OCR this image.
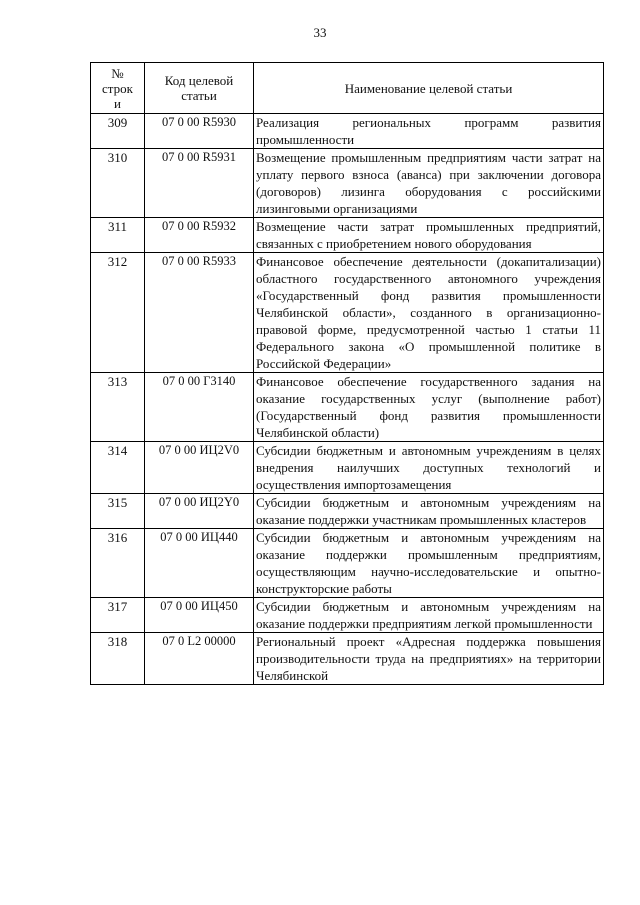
33
№
строк
и	Код целевой статьи	Наименование целевой статьи
309	07 0 00 R5930	Реализация региональных программ развития промышленности
310	07 0 00 R5931	Возмещение промышленным предприятиям части затрат на уплату первого взноса (аванса) при заключении договора (договоров) лизинга оборудования с российскими лизинговыми организациями
311	07 0 00 R5932	Возмещение части затрат промышленных предприятий, связанных с приобретением нового оборудования
312	07 0 00 R5933	Финансовое обеспечение деятельности (докапитализации) областного государственного автономного учреждения «Государственный фонд развития промышленности Челябинской области», созданного в организационно-правовой форме, предусмотренной частью 1 статьи 11 Федерального закона «О промышленной политике в Российской Федерации»
313	07 0 00 Г3140	Финансовое обеспечение государственного задания на оказание государственных услуг (выполнение работ) (Государственный фонд развития промышленности Челябинской области)
314	07 0 00 ИЦ2V0	Субсидии бюджетным и автономным учреждениям в целях внедрения наилучших доступных технологий и осуществления импортозамещения
315	07 0 00 ИЦ2Y0	Субсидии бюджетным и автономным учреждениям на оказание поддержки участникам промышленных кластеров
316	07 0 00 ИЦ440	Субсидии бюджетным и автономным учреждениям на оказание поддержки промышленным предприятиям, осуществляющим научно-исследовательские и опытно-конструкторские работы
317	07 0 00 ИЦ450	Субсидии бюджетным и автономным учреждениям на оказание поддержки предприятиям легкой промышленности
318	07 0 L2 00000	Региональный проект «Адресная поддержка повышения производительности труда на предприятиях» на территории Челябинской
